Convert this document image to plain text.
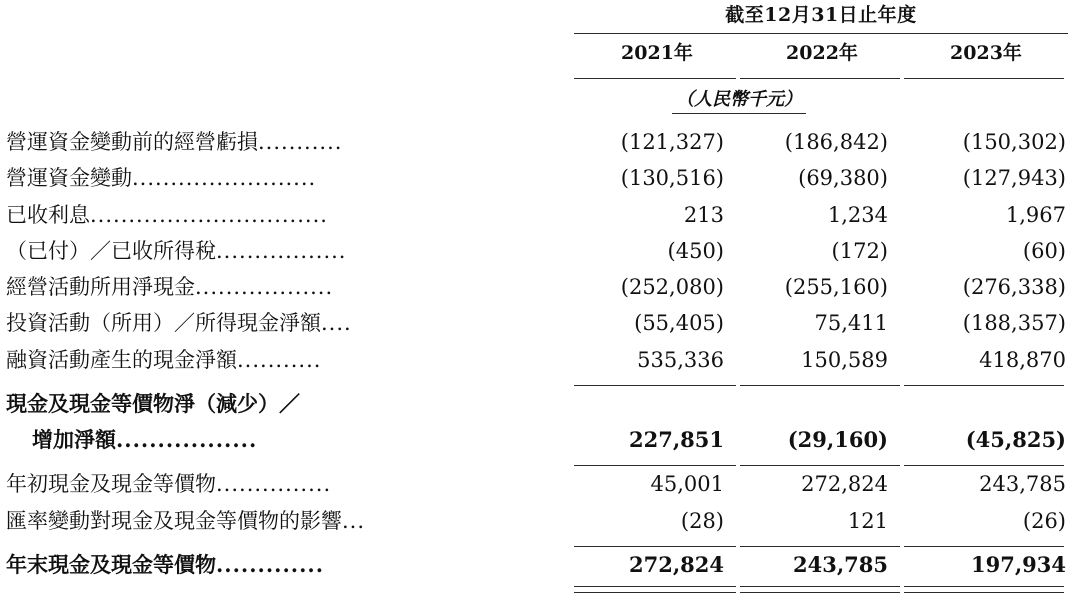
	截至12月31日止年度		

	2021年	2022年	2023年

	（人民幣千元）		

營運資金變動前的經營虧損...........	(121,327)	(186,842)	(150,302)
營運資金變動........................	(130,516)	(69,380)	(127,943)
已收利息...............................	213	1,234	1,967
（已付）／已收所得稅.................	(450)	(172)	(60)
經營活動所用淨現金..................	(252,080)	(255,160)	(276,338)
投資活動（所用）／所得現金淨額....	(55,405)	75,411	(188,357)
融資活動產生的現金淨額...........	535,336	150,589	418,870

現金及現金等價物淨（減少）／			
增加淨額.................	227,851	(29,160)	(45,825)

年初現金及現金等價物...............	45,001	272,824	243,785
匯率變動對現金及現金等價物的影響...	(28)	121	(26)

年末現金及現金等價物.............	272,824	243,785	197,934
